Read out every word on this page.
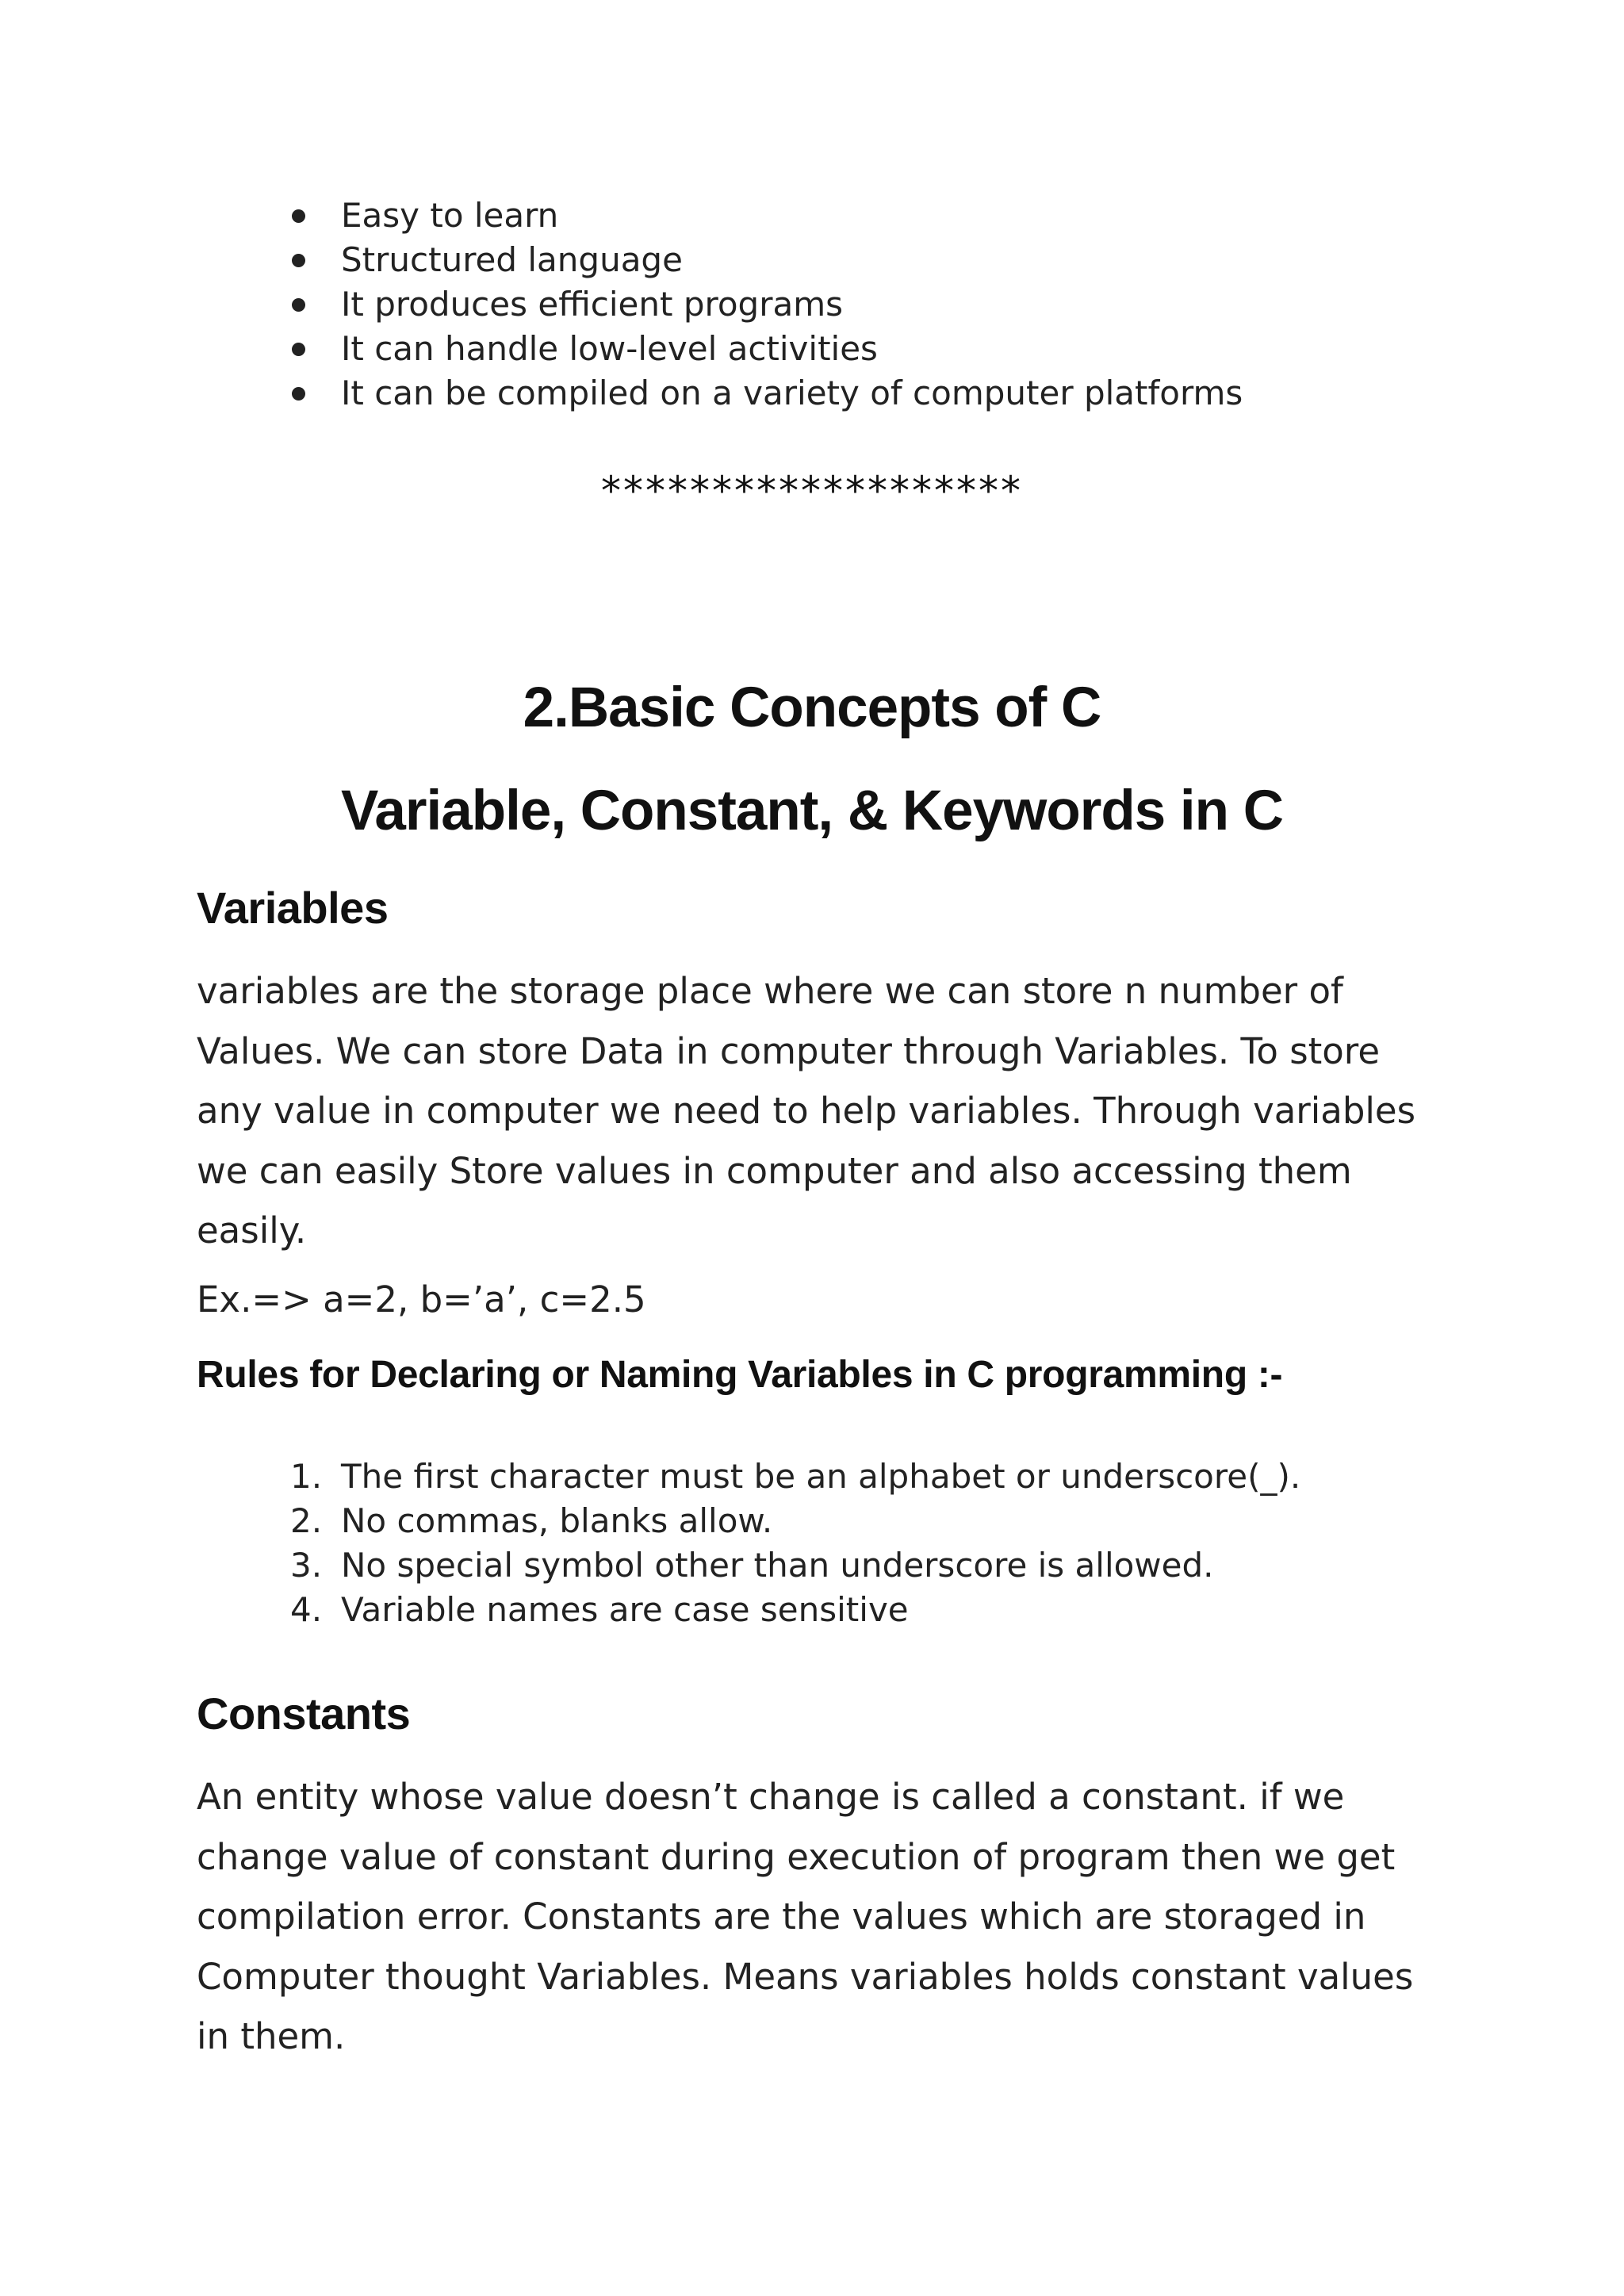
Easy to learn
Structured language
It produces efficient programs
It can handle low-level activities
It can be compiled on a variety of computer platforms
*******************
2.Basic Concepts of C
Variable, Constant, & Keywords in C
Variables

variables are the storage place where we can store n number of
Values. We can store Data in computer through Variables. To store
any value in computer we need to help variables. Through variables
we can easily Store values in computer and also accessing them
easily.

Ex.=> a=2, b=’a’, c=2.5

Rules for Declaring or Naming Variables in C programming :-
1. The first character must be an alphabet or underscore(_).
2. No commas, blanks allow.
3. No special symbol other than underscore is allowed.
4. Variable names are case sensitive
Constants

An entity whose value doesn’t change is called a constant. if we
change value of constant during execution of program then we get
compilation error. Constants are the values which are storaged in
Computer thought Variables. Means variables holds constant values
in them.
